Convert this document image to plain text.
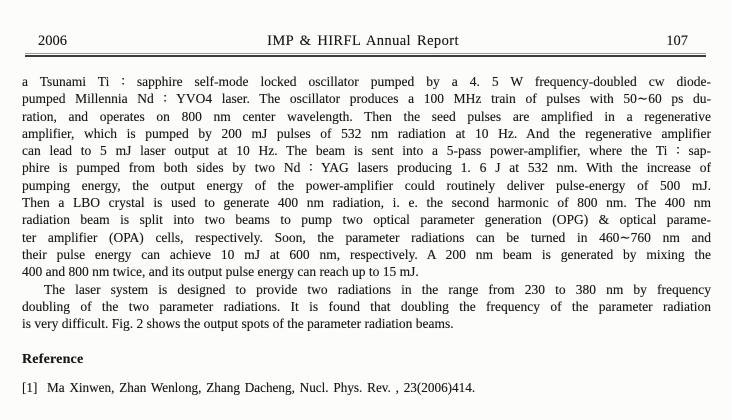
2006	IMP & HIRFL Annual Report	107
a Tsunami Ti ∶ sapphire self-mode locked oscillator pumped by a 4. 5 W frequency-doubled cw diode-
pumped Millennia Nd ∶ YVO4 laser. The oscillator produces a 100 MHz train of pulses with 50∼60 ps du-
ration, and operates on 800 nm center wavelength. Then the seed pulses are amplified in a regenerative
amplifier, which is pumped by 200 mJ pulses of 532 nm radiation at 10 Hz. And the regenerative amplifier
can lead to 5 mJ laser output at 10 Hz. The beam is sent into a 5-pass power-amplifier, where the Ti ∶ sap-
phire is pumped from both sides by two Nd ∶ YAG lasers producing 1. 6 J at 532 nm. With the increase of
pumping energy, the output energy of the power-amplifier could routinely deliver pulse-energy of 500 mJ.
Then a LBO crystal is used to generate 400 nm radiation, i. e. the second harmonic of 800 nm. The 400 nm
radiation beam is split into two beams to pump two optical parameter generation (OPG) & optical parame-
ter amplifier (OPA) cells, respectively. Soon, the parameter radiations can be turned in 460∼760 nm and
their pulse energy can achieve 10 mJ at 600 nm, respectively. A 200 nm beam is generated by mixing the
400 and 800 nm twice, and its output pulse energy can reach up to 15 mJ.
The laser system is designed to provide two radiations in the range from 230 to 380 nm by frequency
doubling of the two parameter radiations. It is found that doubling the frequency of the parameter radiation
is very difficult. Fig. 2 shows the output spots of the parameter radiation beams.
Reference
[1]  Ma Xinwen, Zhan Wenlong, Zhang Dacheng, Nucl. Phys. Rev. , 23(2006)414.
